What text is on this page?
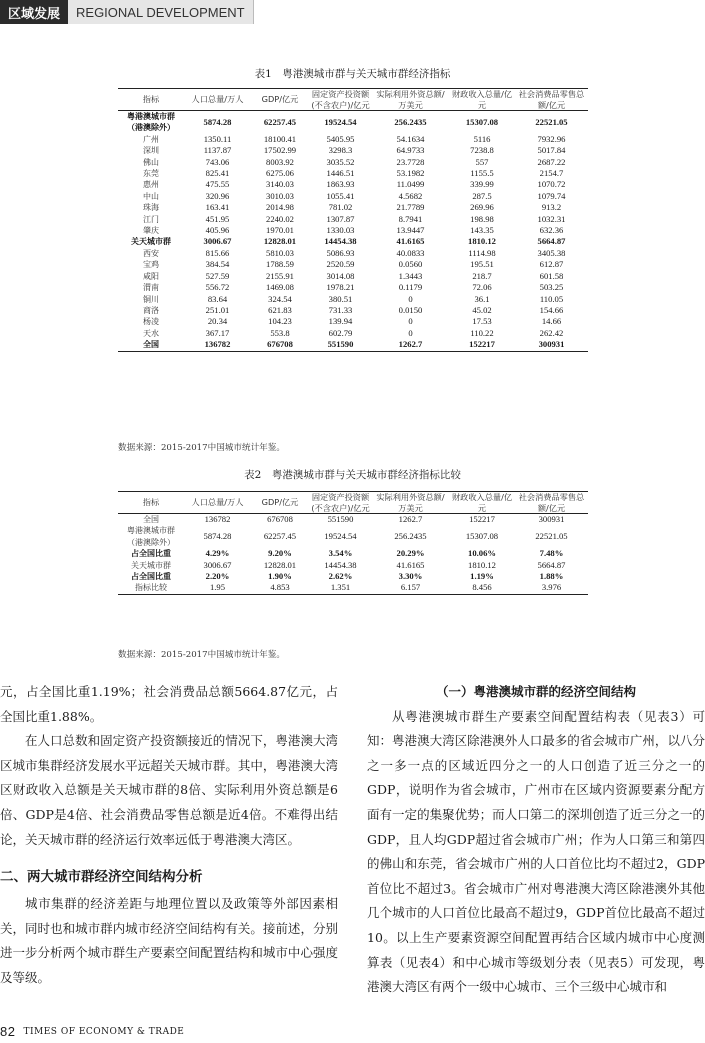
区域发展	REGIONAL DEVELOPMENT
表1　粤港澳城市群与关天城市群经济指标
指标	人口总量/万人	GDP/亿元	固定资产投资额(不含农户)/亿元	实际利用外资总额/万美元	财政收入总量/亿元	社会消费品零售总额/亿元
粤港澳城市群（港澳除外）	5874.28	62257.45	19524.54	256.2435	15307.08	22521.05
广州	1350.11	18100.41	5405.95	54.1634	5116	7932.96
深圳	1137.87	17502.99	3298.3	64.9733	7238.8	5017.84
佛山	743.06	8003.92	3035.52	23.7728	557	2687.22
东莞	825.41	6275.06	1446.51	53.1982	1155.5	2154.7
惠州	475.55	3140.03	1863.93	11.0499	339.99	1070.72
中山	320.96	3010.03	1055.41	4.5682	287.5	1079.74
珠海	163.41	2014.98	781.02	21.7789	269.96	913.2
江门	451.95	2240.02	1307.87	8.7941	198.98	1032.31
肇庆	405.96	1970.01	1330.03	13.9447	143.35	632.36
关天城市群	3006.67	12828.01	14454.38	41.6165	1810.12	5664.87
西安	815.66	5810.03	5086.93	40.0833	1114.98	3405.38
宝鸡	384.54	1788.59	2520.59	0.0560	195.51	612.87
咸阳	527.59	2155.91	3014.08	1.3443	218.7	601.58
渭南	556.72	1469.08	1978.21	0.1179	72.06	503.25
铜川	83.64	324.54	380.51	0	36.1	110.05
商洛	251.01	621.83	731.33	0.0150	45.02	154.66
杨凌	20.34	104.23	139.94	0	17.53	14.66
天水	367.17	553.8	602.79	0	110.22	262.42
全国	136782	676708	551590	1262.7	152217	300931
数据来源：2015-2017中国城市统计年鉴。
表2　粤港澳城市群与关天城市群经济指标比较
指标	人口总量/万人	GDP/亿元	固定资产投资额(不含农户)/亿元	实际利用外资总额/万美元	财政收入总量/亿元	社会消费品零售总额/亿元
全国	136782	676708	551590	1262.7	152217	300931
粤港澳城市群（港澳除外）	5874.28	62257.45	19524.54	256.2435	15307.08	22521.05
占全国比重	4.29%	9.20%	3.54%	20.29%	10.06%	7.48%
关天城市群	3006.67	12828.01	14454.38	41.6165	1810.12	5664.87
占全国比重	2.20%	1.90%	2.62%	3.30%	1.19%	1.88%
指标比较	1.95	4.853	1.351	6.157	8.456	3.976
数据来源：2015-2017中国城市统计年鉴。

元，占全国比重1.19%；社会消费品总额5664.87亿元，占全国比重1.88%。

在人口总数和固定资产投资额接近的情况下，粤港澳大湾区城市集群经济发展水平远超关天城市群。其中，粤港澳大湾区财政收入总额是关天城市群的8倍、实际利用外资总额是6倍、GDP是4倍、社会消费品零售总额是近4倍。不难得出结论，关天城市群的经济运行效率远低于粤港澳大湾区。

二、两大城市群经济空间结构分析

城市集群的经济差距与地理位置以及政策等外部因素相关，同时也和城市群内城市经济空间结构有关。接前述，分别进一步分析两个城市群生产要素空间配置结构和城市中心强度及等级。

（一）粤港澳城市群的经济空间结构

从粤港澳城市群生产要素空间配置结构表（见表3）可知：粤港澳大湾区除港澳外人口最多的省会城市广州，以八分之一多一点的区域近四分之一的人口创造了近三分之一的GDP，说明作为省会城市，广州市在区域内资源要素分配方面有一定的集聚优势；而人口第二的深圳创造了近三分之一的GDP，且人均GDP超过省会城市广州；作为人口第三和第四的佛山和东莞，省会城市广州的人口首位比均不超过2，GDP首位比不超过3。省会城市广州对粤港澳大湾区除港澳外其他几个城市的人口首位比最高不超过9，GDP首位比最高不超过10。以上生产要素资源空间配置再结合区域内城市中心度测算表（见表4）和中心城市等级划分表（见表5）可发现，粤港澳大湾区有两个一级中心城市、三个三级中心城市和

82 TIMES OF ECONOMY & TRADE
